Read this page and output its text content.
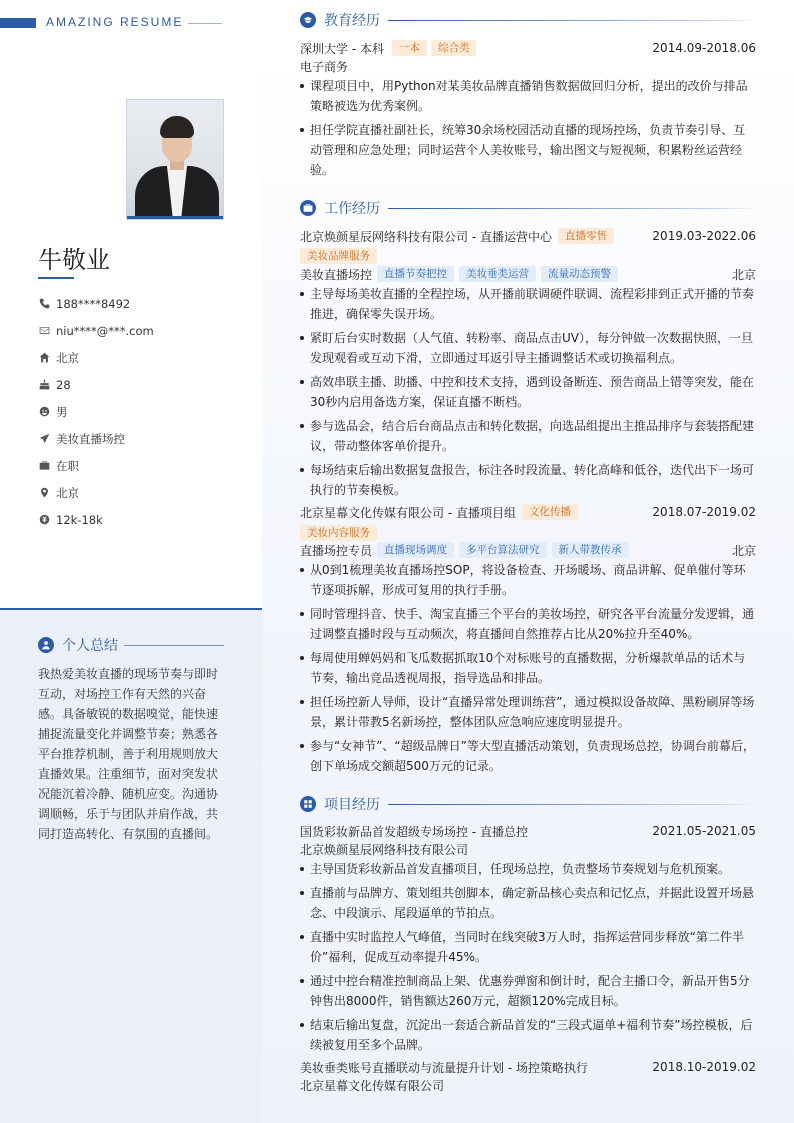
AMAZING RESUME
牛敬业
188****8492
niu****@***.com
北京
28
男
美妆直播场控
在职
北京
12k-18k
个人总结
我热爱美妆直播的现场节奏与即时互动，对场控工作有天然的兴奋感。具备敏锐的数据嗅觉，能快速捕捉流量变化并调整节奏；熟悉各平台推荐机制，善于利用规则放大直播效果。注重细节，面对突发状况能沉着冷静、随机应变。沟通协调顺畅，乐于与团队并肩作战，共同打造高转化、有氛围的直播间。
教育经历
深圳大学 - 本科	一本	综合类	2014.09-2018.06
电子商务
课程项目中，用Python对某美妆品牌直播销售数据做回归分析，提出的改价与排品策略被选为优秀案例。
担任学院直播社副社长，统筹30余场校园活动直播的现场控场，负责节奏引导、互动管理和应急处理；同时运营个人美妆账号，输出图文与短视频，积累粉丝运营经验。
工作经历
北京焕颜星辰网络科技有限公司 - 直播运营中心	直播零售	2019.03-2022.06
美妆品牌服务
美妆直播场控	直播节奏把控	美妆垂类运营	流量动态预警	北京
主导每场美妆直播的全程控场，从开播前联调硬件联调、流程彩排到正式开播的节奏推进，确保零失误开场。
紧盯后台实时数据（人气值、转粉率、商品点击UV），每分钟做一次数据快照，一旦发现观看或互动下滑，立即通过耳返引导主播调整话术或切换福利点。
高效串联主播、助播、中控和技术支持，遇到设备断连、预告商品上错等突发，能在30秒内启用备选方案，保证直播不断档。
参与选品会，结合后台商品点击和转化数据，向选品组提出主推品排序与套装搭配建议，带动整体客单价提升。
每场结束后输出数据复盘报告，标注各时段流量、转化高峰和低谷，迭代出下一场可执行的节奏模板。
北京星幕文化传媒有限公司 - 直播项目组	文化传播	2018.07-2019.02
美妆内容服务
直播场控专员	直播现场调度	多平台算法研究	新人带教传承	北京
从0到1梳理美妆直播场控SOP，将设备检查、开场暖场、商品讲解、促单催付等环节逐项拆解，形成可复用的执行手册。
同时管理抖音、快手、淘宝直播三个平台的美妆场控，研究各平台流量分发逻辑，通过调整直播时段与互动频次，将直播间自然推荐占比从20%拉升至40%。
每周使用蝉妈妈和飞瓜数据抓取10个对标账号的直播数据，分析爆款单品的话术与节奏，输出竞品透视周报，指导选品和排品。
担任场控新人导师，设计“直播异常处理训练营”，通过模拟设备故障、黑粉刷屏等场景，累计带教5名新场控，整体团队应急响应速度明显提升。
参与“女神节”、“超级品牌日”等大型直播活动策划，负责现场总控，协调台前幕后，创下单场成交额超500万元的记录。
项目经历
国货彩妆新品首发超级专场场控 - 直播总控	2021.05-2021.05
北京焕颜星辰网络科技有限公司
主导国货彩妆新品首发直播项目，任现场总控，负责整场节奏规划与危机预案。
直播前与品牌方、策划组共创脚本，确定新品核心卖点和记忆点，并据此设置开场悬念、中段演示、尾段逼单的节拍点。
直播中实时监控人气峰值，当同时在线突破3万人时，指挥运营同步释放“第二件半价”福利，促成互动率提升45%。
通过中控台精准控制商品上架、优惠券弹窗和倒计时，配合主播口令，新品开售5分钟售出8000件，销售额达260万元，超额120%完成目标。
结束后输出复盘，沉淀出一套适合新品首发的“三段式逼单+福利节奏”场控模板，后续被复用至多个品牌。
美妆垂类账号直播联动与流量提升计划 - 场控策略执行	2018.10-2019.02
北京星幕文化传媒有限公司
